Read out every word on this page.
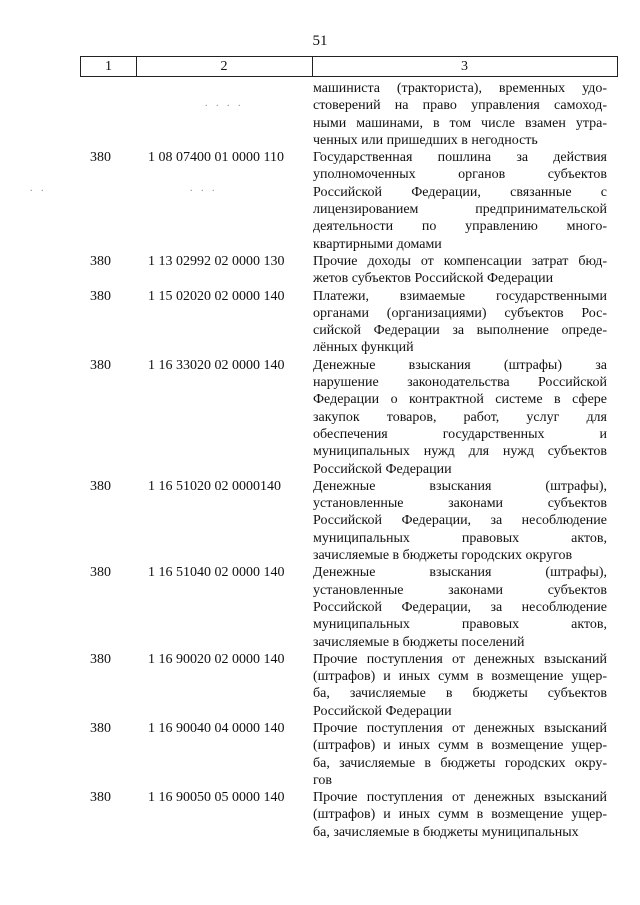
51
1	2	3
машиниста (тракториста), временных удо-
стоверений на право управления самоход-
ными машинами, в том числе взамен утра-
ченных или пришедших в негодность
380	1 08 07400 01 0000 110 Государственная пошлина за действия
уполномоченных органов субъектов
Российской Федерации, связанные с
лицензированием предпринимательской
деятельности по управлению много-
квартирными домами
380	1 13 02992 02 0000 130 Прочие доходы от компенсации затрат бюд-
жетов субъектов Российской Федерации
380	1 15 02020 02 0000 140 Платежи, взимаемые государственными
органами (организациями) субъектов Рос-
сийской Федерации за выполнение опреде-
лённых функций
380	1 16 33020 02 0000 140 Денежные взыскания (штрафы) за
нарушение законодательства Российской
Федерации о контрактной системе в сфере
закупок товаров, работ, услуг для
обеспечения государственных и
муниципальных нужд для нужд субъектов
Российской Федерации
380	1 16 51020 02 0000140 Денежные взыскания (штрафы),
установленные законами субъектов
Российской Федерации, за несоблюдение
муниципальных правовых актов,
зачисляемые в бюджеты городских округов
380	1 16 51040 02 0000 140 Денежные взыскания (штрафы),
установленные законами субъектов
Российской Федерации, за несоблюдение
муниципальных правовых актов,
зачисляемые в бюджеты поселений
380	1 16 90020 02 0000 140 Прочие поступления от денежных взысканий
(штрафов) и иных сумм в возмещение ущер-
ба, зачисляемые в бюджеты субъектов
Российской Федерации
380	1 16 90040 04 0000 140 Прочие поступления от денежных взысканий
(штрафов) и иных сумм в возмещение ущер-
ба, зачисляемые в бюджеты городских окру-
гов
380	1 16 90050 05 0000 140 Прочие поступления от денежных взысканий
(штрафов) и иных сумм в возмещение ущер-
ба, зачисляемые в бюджеты муниципальных
. . . .
. .	. . .
